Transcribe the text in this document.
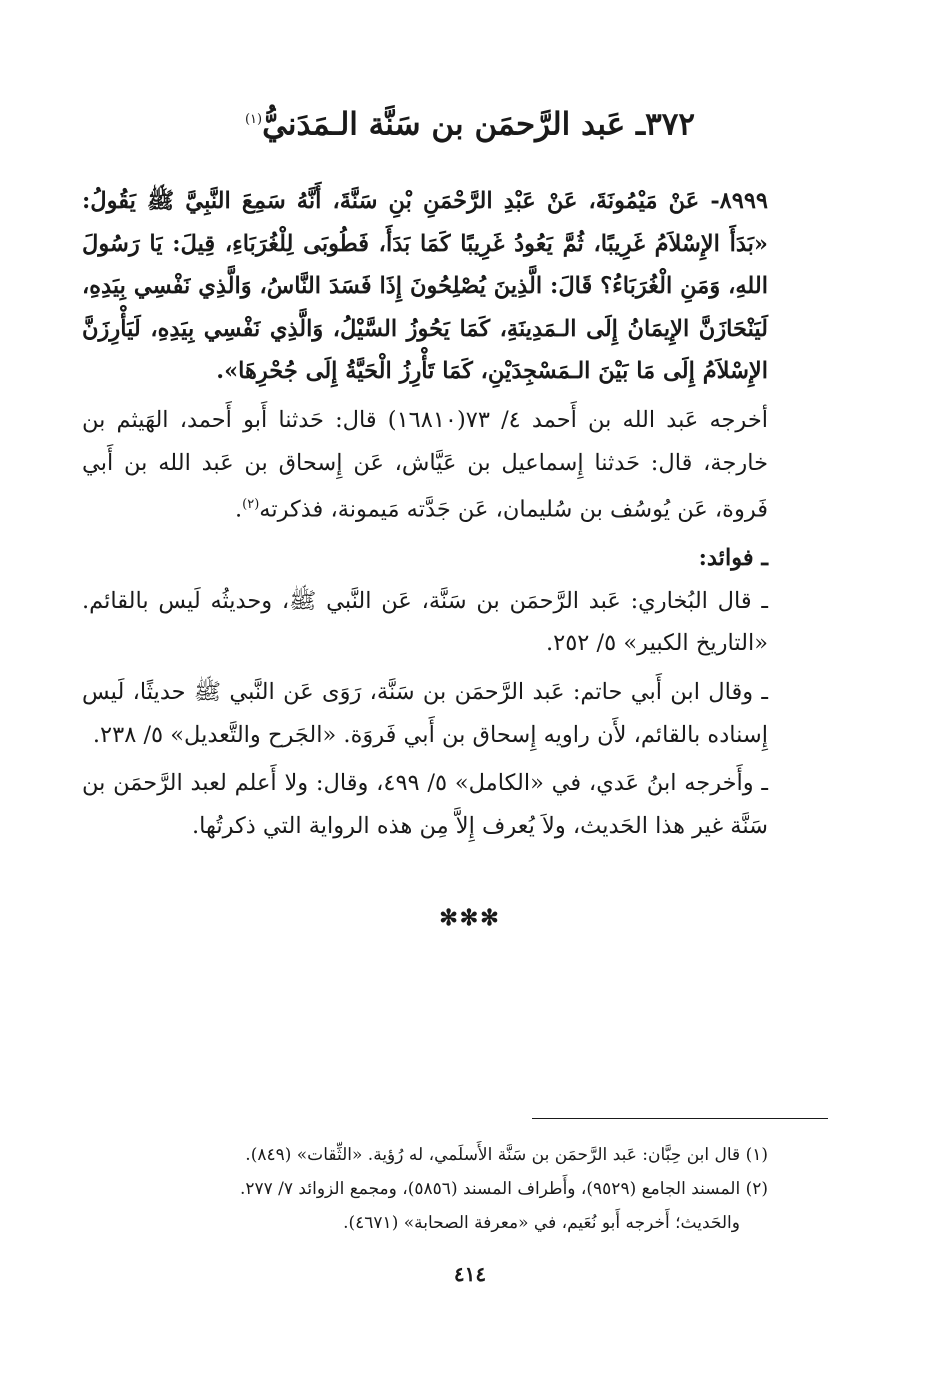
٣٧٢ـ عَبد الرَّحمَن بن سَنَّة الـمَدَنيُّ$^{(١)}$

٨٩٩٩- عَنْ مَيْمُونَةَ، عَنْ عَبْدِ الرَّحْمَنِ بْنِ سَنَّةَ، أَنَّهُ سَمِعَ النَّبِيَّ ﷺ يَقُولُ: «بَدَأَ الإِسْلاَمُ غَرِيبًا، ثُمَّ يَعُودُ غَرِيبًا كَمَا بَدَأَ، فَطُوبَى لِلْغُرَبَاءِ، قِيلَ: يَا رَسُولَ اللهِ، وَمَنِ الْغُرَبَاءُ؟ قَالَ: الَّذِينَ يُصْلِحُونَ إِذَا فَسَدَ النَّاسُ، وَالَّذِي نَفْسِي بِيَدِهِ، لَيَنْحَازَنَّ الإِيمَانُ إِلَى الـمَدِينَةِ، كَمَا يَحُوزُ السَّيْلُ، وَالَّذِي نَفْسِي بِيَدِهِ، لَيَأْرِزَنَّ الإِسْلاَمُ إِلَى مَا بَيْنَ الـمَسْجِدَيْنِ، كَمَا تَأْرِزُ الْحَيَّةُ إِلَى جُحْرِهَا».

أخرجه عَبد الله بن أَحمد ٤/ ٧٣(١٦٨١٠) قال: حَدثنا أَبو أَحمد، الهَيثم بن خارجة، قال: حَدثنا إِسماعيل بن عَيَّاش، عَن إِسحاق بن عَبد الله بن أَبي فَروة، عَن يُوسُف بن سُليمان، عَن جَدَّته مَيمونة، فذكرته$^{(٢)}$.

ـ فوائد:

ـ قال البُخاري: عَبد الرَّحمَن بن سَنَّة، عَن النَّبي ﷺ، وحديثُه لَيس بالقائم. «التاريخ الكبير» ٥/ ٢٥٢.

ـ وقال ابن أَبي حاتم: عَبد الرَّحمَن بن سَنَّة، رَوَى عَن النَّبي ﷺ حديثًا، لَيس إِسناده بالقائم، لأَن راويه إِسحاق بن أَبي فَروَة. «الجَرح والتَّعديل» ٥/ ٢٣٨.

ـ وأَخرجه ابنُ عَدي، في «الكامل» ٥/ ٤٩٩، وقال: ولا أَعلم لعبد الرَّحمَن بن سَنَّة غير هذا الحَديث، ولاَ يُعرف إِلاَّ مِن هذه الرواية التي ذكرتُها.

✻✻✻

(١) قال ابن حِبَّان: عَبد الرَّحمَن بن سَنَّة الأَسلَمي، له رُؤية. «الثِّقات» (٨٤٩).

(٢) المسند الجامع (٩٥٢٩)، وأَطراف المسند (٥٨٥٦)، ومجمع الزوائد ٧/ ٢٧٧.

والحَديث؛ أَخرجه أَبو نُعَيم، في «معرفة الصحابة» (٤٦٧١).

٤١٤
